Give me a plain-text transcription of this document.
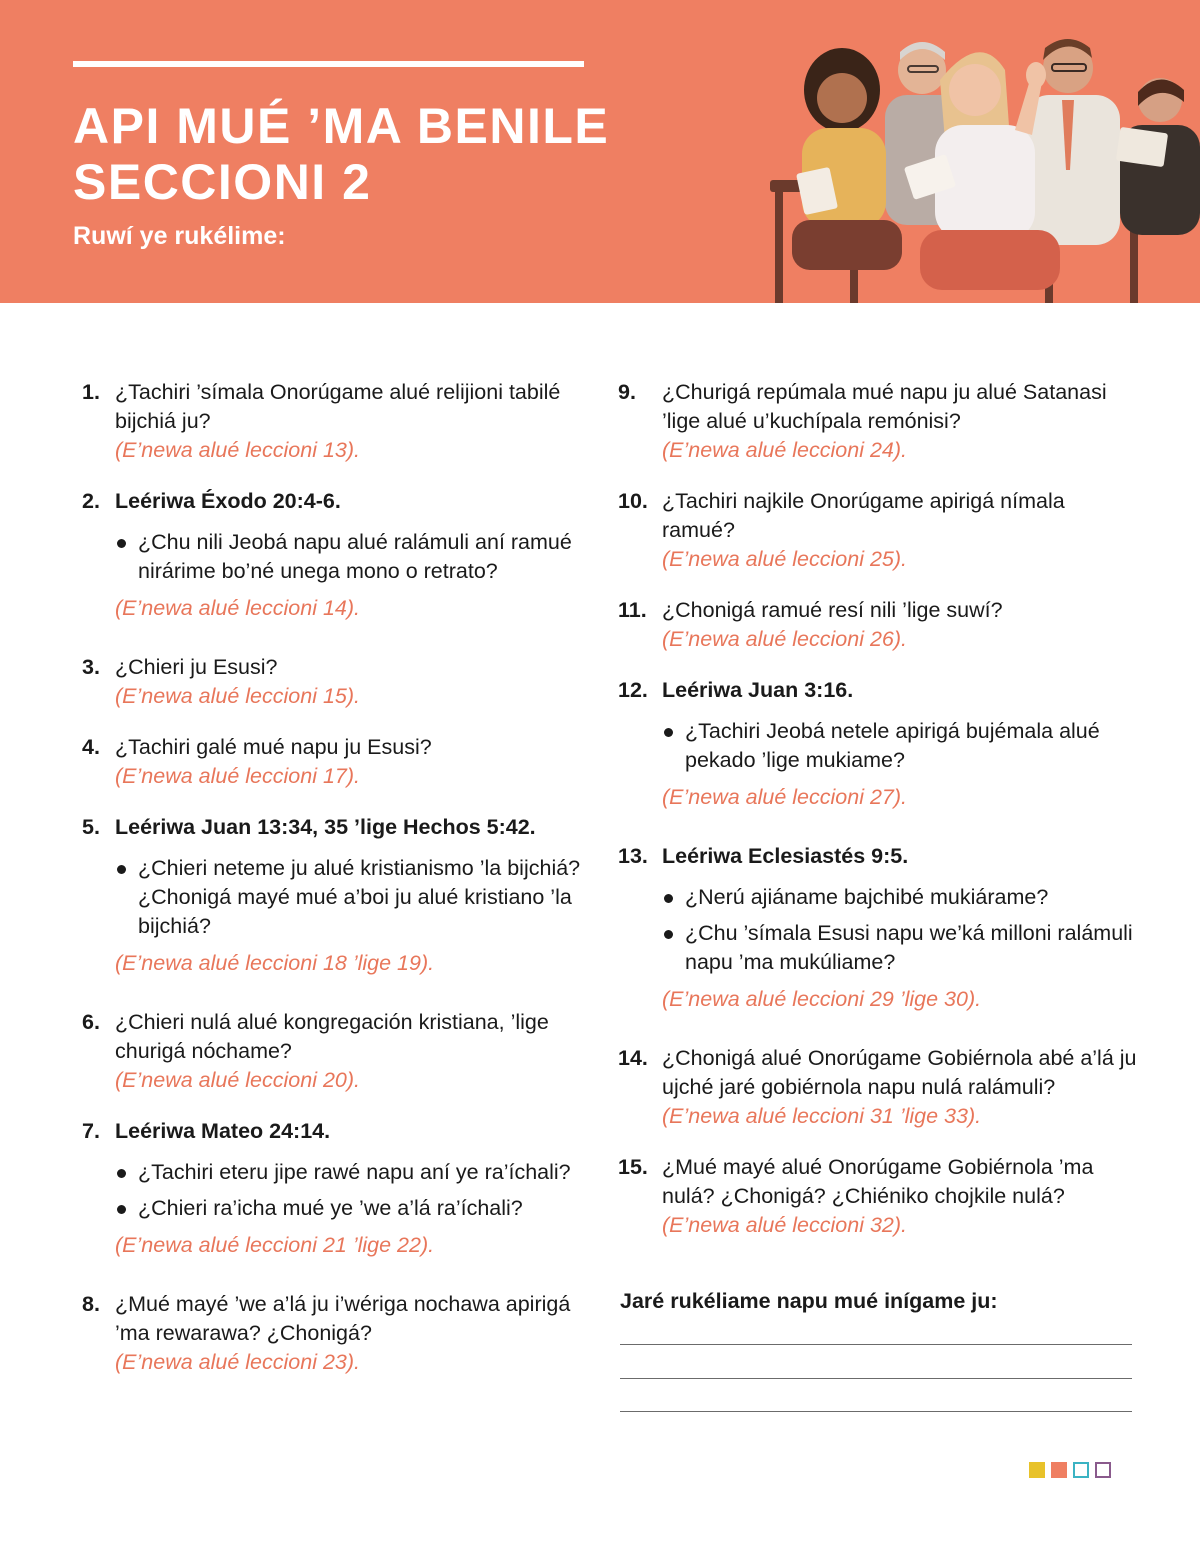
API MUÉ ’MA BENILE
SECCIONI 2
Ruwí ye rukélime:
1. ¿Tachiri ’símala Onorúgame alué relijioni tabilé bijchiá ju?
(E’newa alué leccioni 13).
2. Leériwa Éxodo 20:4-6.
¿Chu nili Jeobá napu alué ralámuli aní ramué nirárime bo’né unega mono o retrato?
(E’newa alué leccioni 14).
3. ¿Chieri ju Esusi?
(E’newa alué leccioni 15).
4. ¿Tachiri galé mué napu ju Esusi?
(E’newa alué leccioni 17).
5. Leériwa Juan 13:34, 35 ’lige Hechos 5:42.
¿Chieri neteme ju alué kristianismo ’la bijchiá? ¿Chonigá mayé mué a’boi ju alué kristiano ’la bijchiá?
(E’newa alué leccioni 18 ’lige 19).
6. ¿Chieri nulá alué kongregación kristiana, ’lige churigá nóchame?
(E’newa alué leccioni 20).
7. Leériwa Mateo 24:14.
¿Tachiri eteru jipe rawé napu aní ye ra’íchali?
¿Chieri ra’icha mué ye ’we a’lá ra’íchali?
(E’newa alué leccioni 21 ’lige 22).
8. ¿Mué mayé ’we a’lá ju i’wériga nochawa apirigá ’ma rewarawa? ¿Chonigá?
(E’newa alué leccioni 23).
9. ¿Churigá repúmala mué napu ju alué Satanasi ’lige alué u’kuchípala remónisi?
(E’newa alué leccioni 24).
10. ¿Tachiri najkile Onorúgame apirigá nímala ramué?
(E’newa alué leccioni 25).
11. ¿Chonigá ramué resí nili ’lige suwí?
(E’newa alué leccioni 26).
12. Leériwa Juan 3:16.
¿Tachiri Jeobá netele apirigá bujémala alué pekado ’lige mukiame?
(E’newa alué leccioni 27).
13. Leériwa Eclesiastés 9:5.
¿Nerú ajiáname bajchibé mukiárame?
¿Chu ’símala Esusi napu we’ká milloni ralámuli napu ’ma mukúliame?
(E’newa alué leccioni 29 ’lige 30).
14. ¿Chonigá alué Onorúgame Gobiérnola abé a’lá ju ujché jaré gobiérnola napu nulá ralámuli?
(E’newa alué leccioni 31 ’lige 33).
15. ¿Mué mayé alué Onorúgame Gobiérnola ’ma nulá? ¿Chonigá? ¿Chiéniko chojkile nulá?
(E’newa alué leccioni 32).
Jaré rukéliame napu mué inígame ju:
